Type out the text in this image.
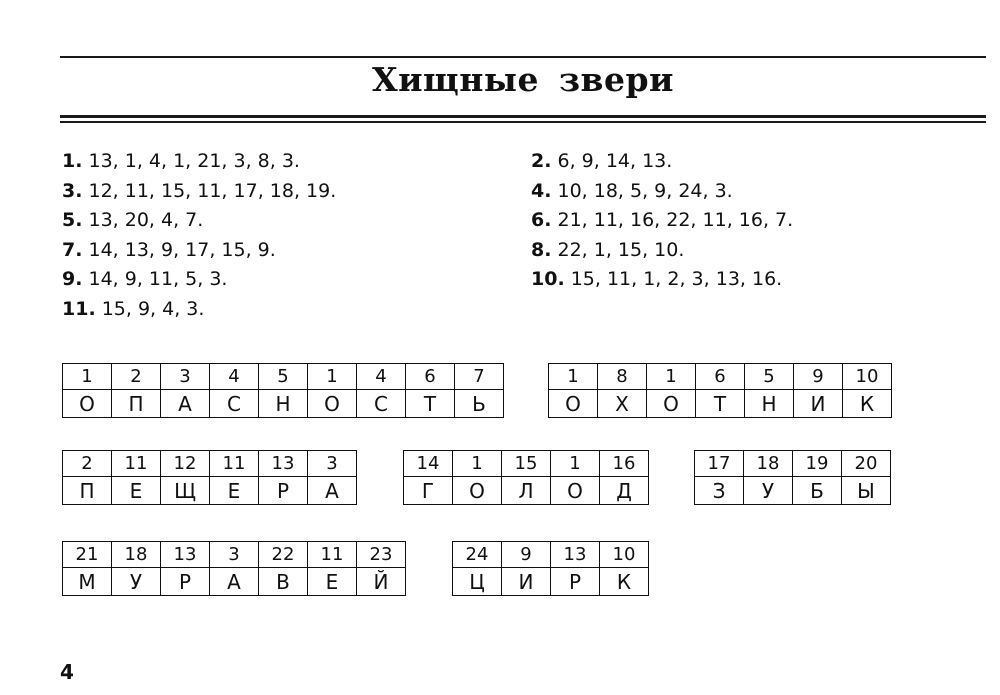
Хищные звери
1. 13, 1, 4, 1, 21, 3, 8, 3.
3. 12, 11, 15, 11, 17, 18, 19.
5. 13, 20, 4, 7.
7. 14, 13, 9, 17, 15, 9.
9. 14, 9, 11, 5, 3.
11. 15, 9, 4, 3.
2. 6, 9, 14, 13.
4. 10, 18, 5, 9, 24, 3.
6. 21, 11, 16, 22, 11, 16, 7.
8. 22, 1, 15, 10.
10. 15, 11, 1, 2, 3, 13, 16.
1	2	3	4	5	1	4	6	7
О	П	А	С	Н	О	С	Т	Ь
1	8	1	6	5	9	10
О	Х	О	Т	Н	И	К
2	11	12	11	13	3
П	Е	Щ	Е	Р	А
14	1	15	1	16
Г	О	Л	О	Д
17	18	19	20
З	У	Б	Ы
21	18	13	3	22	11	23
М	У	Р	А	В	Е	Й
24	9	13	10
Ц	И	Р	К
4
